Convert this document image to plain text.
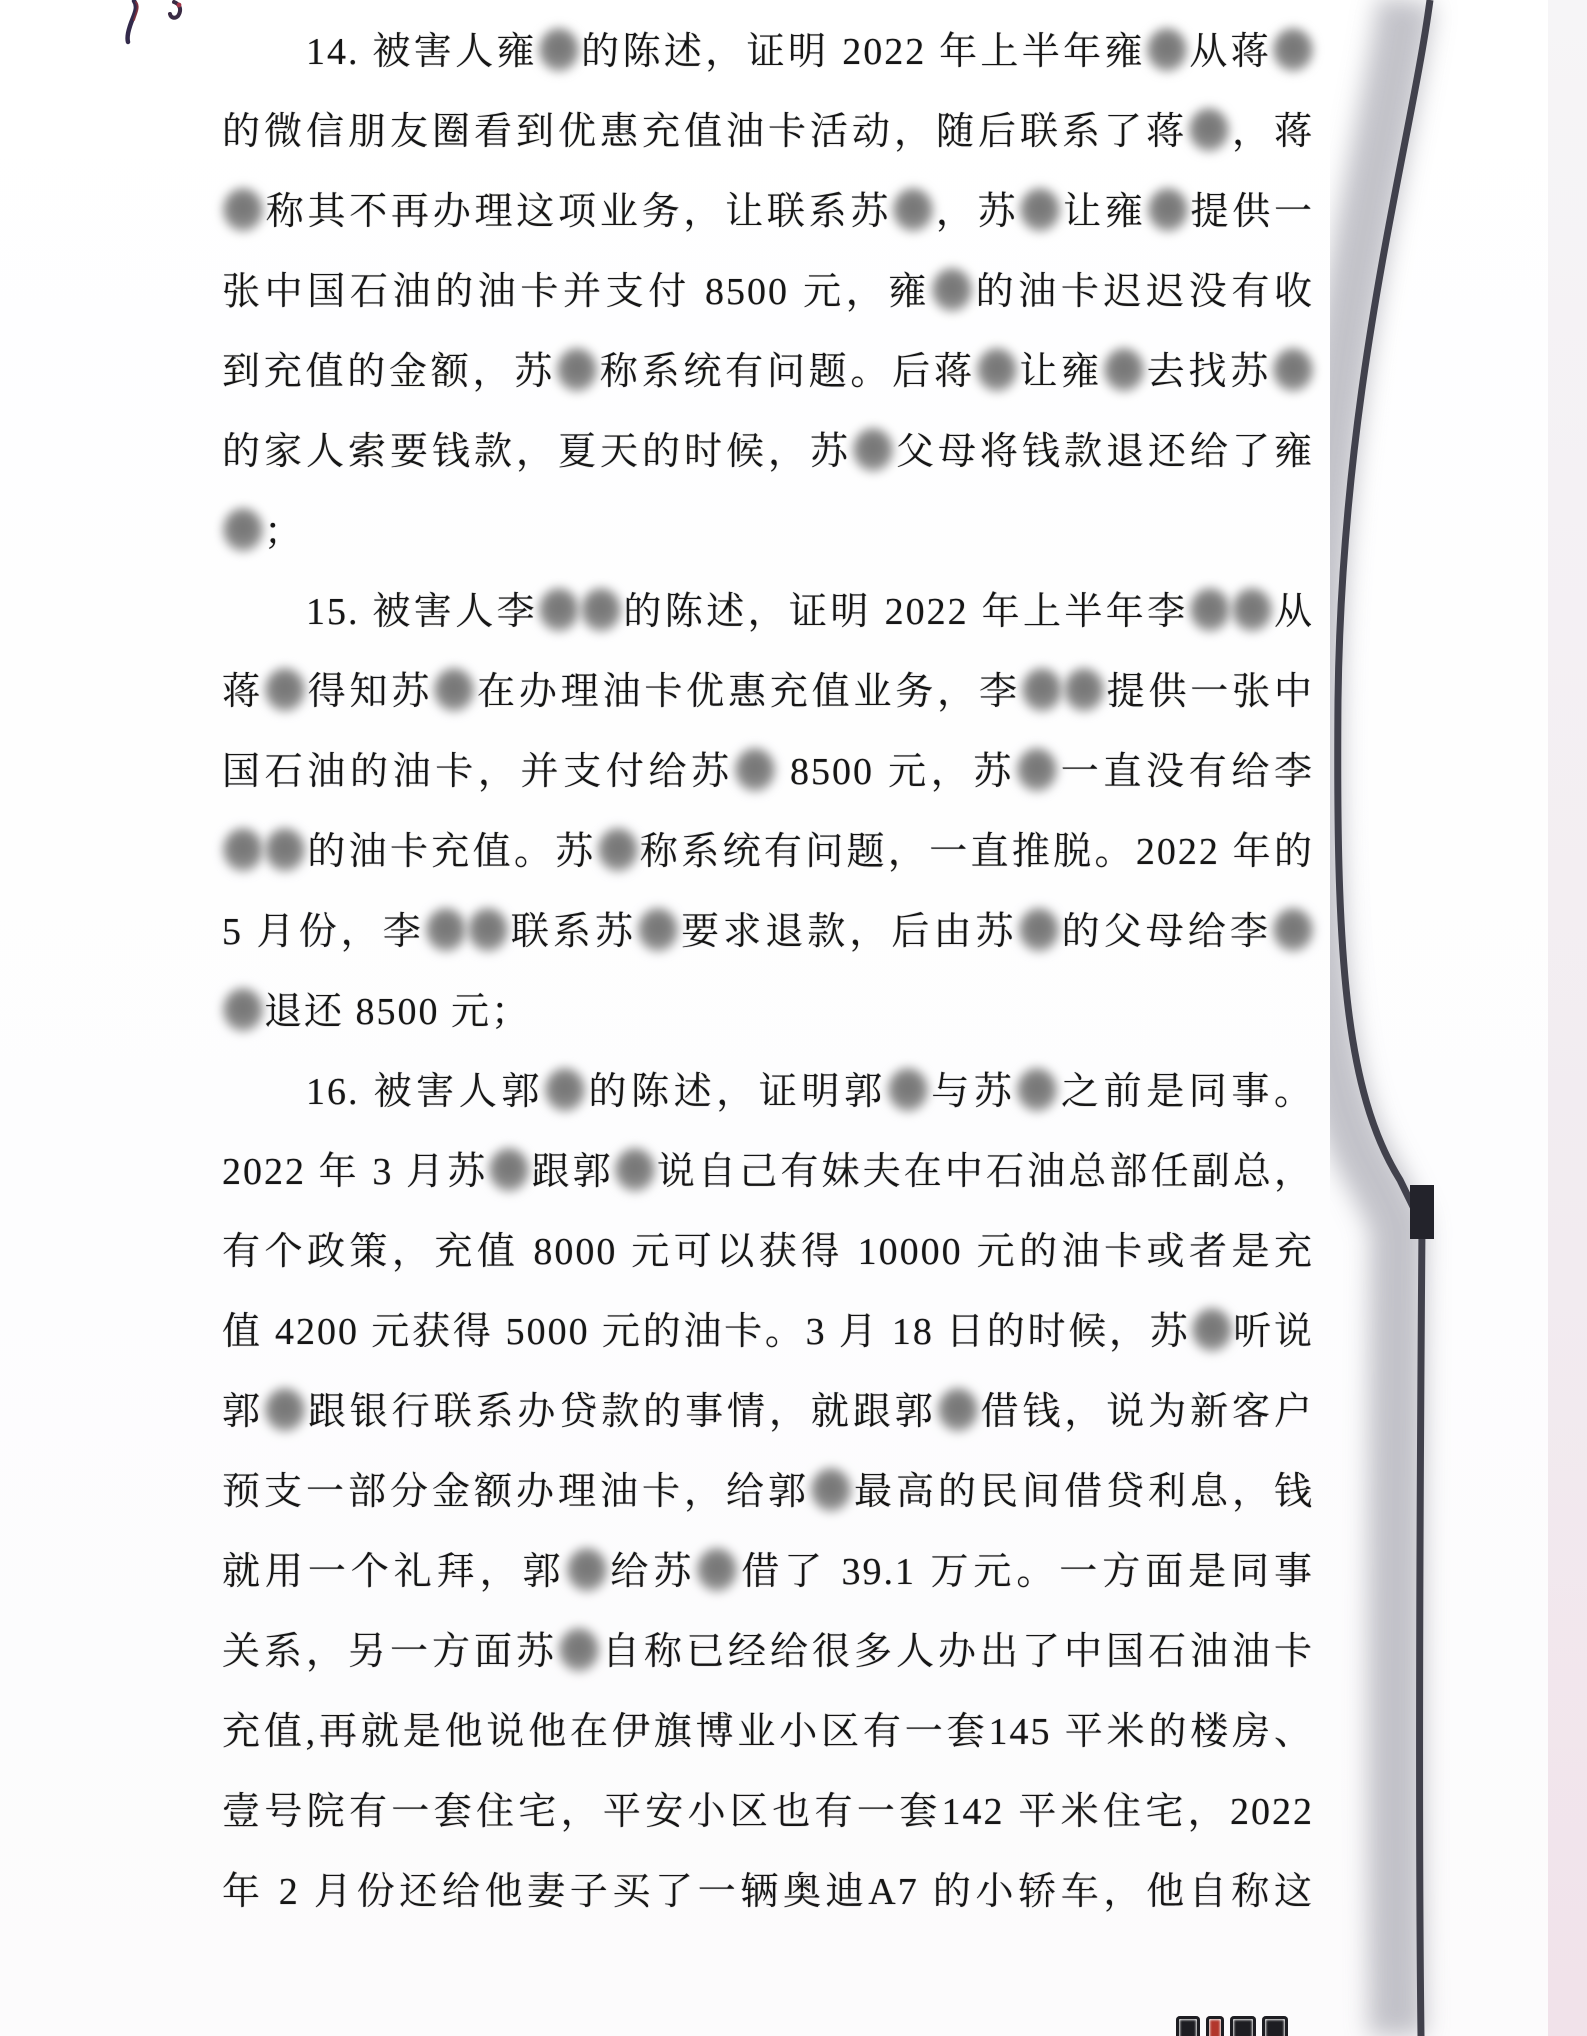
14. 被害人雍 的陈述，证明 2022 年上半年雍 从蒋
的微信朋友圈看到优惠充值油卡活动，随后联系了蒋 ，蒋
称其不再办理这项业务，让联系苏 ，苏 让雍 提供一
张中国石油的油卡并支付 8500 元，雍 的油卡迟迟没有收
到充值的金额，苏 称系统有问题。后蒋 让雍 去找苏
的家人索要钱款，夏天的时候，苏 父母将钱款退还给了雍
；
15. 被害人李 的陈述，证明 2022 年上半年李 从
蒋 得知苏 在办理油卡优惠充值业务，李 提供一张中
国石油的油卡，并支付给苏 8500 元，苏 一直没有给李
的油卡充值。苏 称系统有问题，一直推脱。2022 年的
5 月份，李 联系苏 要求退款，后由苏 的父母给李
退还 8500 元；
16. 被害人郭 的陈述，证明郭 与苏 之前是同事。
2022 年 3 月苏 跟郭 说自己有妹夫在中石油总部任副总，
有个政策，充值 8000 元可以获得 10000 元的油卡或者是充
值 4200 元获得 5000 元的油卡。3 月 18 日的时候，苏 听说
郭 跟银行联系办贷款的事情，就跟郭 借钱，说为新客户
预支一部分金额办理油卡，给郭 最高的民间借贷利息，钱
就用一个礼拜，郭 给苏 借了 39.1 万元。一方面是同事
关系，另一方面苏 自称已经给很多人办出了中国石油油卡
充值,再就是他说他在伊旗博业小区有一套145 平米的楼房、
壹号院有一套住宅，平安小区也有一套142 平米住宅，2022
年 2 月份还给他妻子买了一辆奥迪A7 的小轿车，他自称这
